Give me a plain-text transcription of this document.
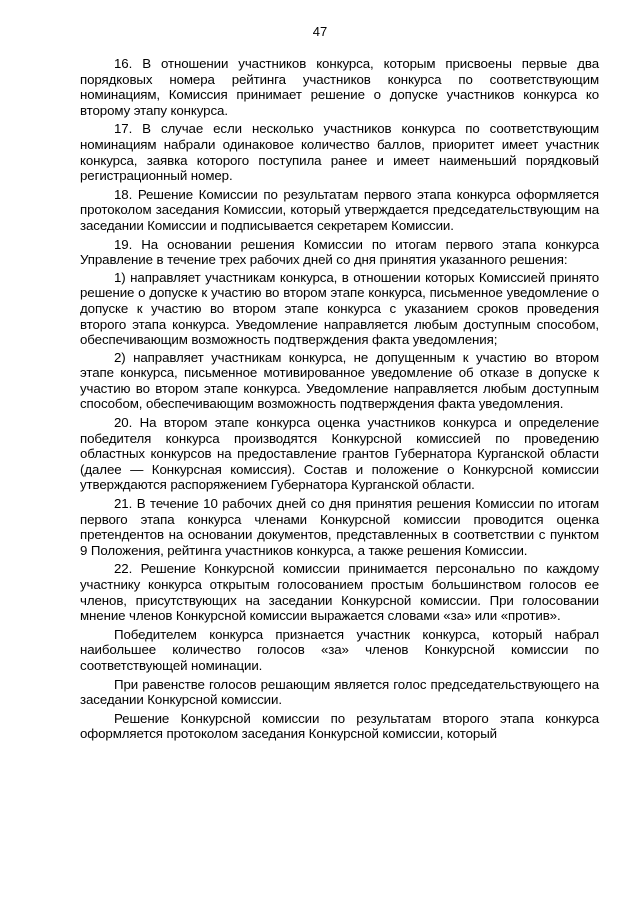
47

16. В отношении участников конкурса, которым присвоены первые два порядковых номера рейтинга участников конкурса по соответствующим номинациям, Комиссия принимает решение о допуске участников конкурса ко второму этапу конкурса.

17. В случае если несколько участников конкурса по соответствующим номинациям набрали одинаковое количество баллов, приоритет имеет участник конкурса, заявка которого поступила ранее и имеет наименьший порядковый регистрационный номер.

18. Решение Комиссии по результатам первого этапа конкурса оформляется протоколом заседания Комиссии, который утверждается председательствующим на заседании Комиссии и подписывается секретарем Комиссии.

19. На основании решения Комиссии по итогам первого этапа конкурса Управление в течение трех рабочих дней со дня принятия указанного решения:

1) направляет участникам конкурса, в отношении которых Комиссией принято решение о допуске к участию во втором этапе конкурса, письменное уведомление о допуске к участию во втором этапе конкурса с указанием сроков проведения второго этапа конкурса. Уведомление направляется любым доступным способом, обеспечивающим возможность подтверждения факта уведомления;

2) направляет участникам конкурса, не допущенным к участию во втором этапе конкурса, письменное мотивированное уведомление об отказе в допуске к участию во втором этапе конкурса. Уведомление направляется любым доступным способом, обеспечивающим возможность подтверждения факта уведомления.

20. На втором этапе конкурса оценка участников конкурса и определение победителя конкурса производятся Конкурсной комиссией по проведению областных конкурсов на предоставление грантов Губернатора Курганской области (далее — Конкурсная комиссия). Состав и положение о Конкурсной комиссии утверждаются распоряжением Губернатора Курганской области.

21. В течение 10 рабочих дней со дня принятия решения Комиссии по итогам первого этапа конкурса членами Конкурсной комиссии проводится оценка претендентов на основании документов, представленных в соответствии с пунктом 9 Положения, рейтинга участников конкурса, а также решения Комиссии.

22. Решение Конкурсной комиссии принимается персонально по каждому участнику конкурса открытым голосованием простым большинством голосов ее членов, присутствующих на заседании Конкурсной комиссии. При голосовании мнение членов Конкурсной комиссии выражается словами «за» или «против».

Победителем конкурса признается участник конкурса, который набрал наибольшее количество голосов «за» членов Конкурсной комиссии по соответствующей номинации.

При равенстве голосов решающим является голос председательствующего на заседании Конкурсной комиссии.

Решение Конкурсной комиссии по результатам второго этапа конкурса оформляется протоколом заседания Конкурсной комиссии, который
